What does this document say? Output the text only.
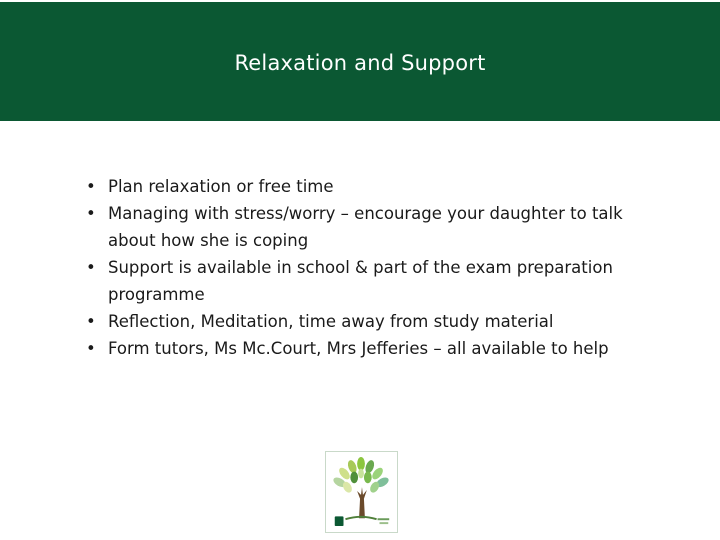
Relaxation and Support
• Plan relaxation or free time
• Managing with stress/worry – encourage your daughter to talk about how she is coping
• Support is available in school & part of the exam preparation programme
• Reflection, Meditation, time away from study material
• Form tutors, Ms Mc.Court, Mrs Jefferies – all available to help
